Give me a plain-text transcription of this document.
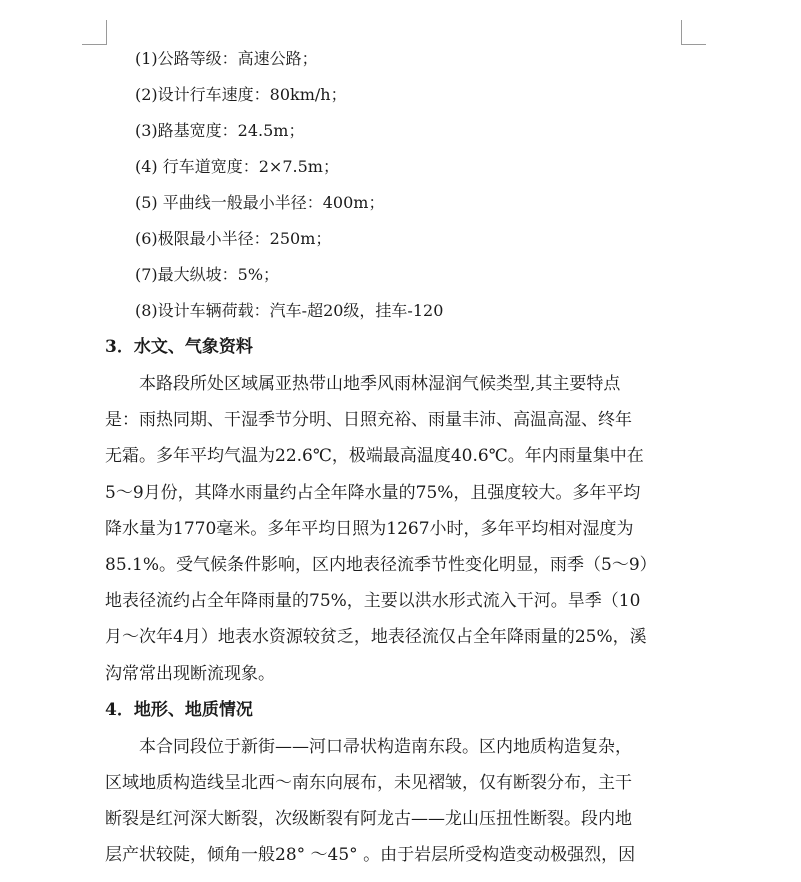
(1)公路等级：高速公路；
(2)设计行车速度：80km/h；
(3)路基宽度：24.5m；
(4) 行车道宽度：2×7.5m；
(5) 平曲线一般最小半径：400m；
(6)极限最小半径：250m；
(7)最大纵坡：5%；
(8)设计车辆荷载：汽车-超20级，挂车-120
3．水文、气象资料

本路段所处区域属亚热带山地季风雨林湿润气候类型,其主要特点
是：雨热同期、干湿季节分明、日照充裕、雨量丰沛、高温高湿、终年
无霜。多年平均气温为22.6℃，极端最高温度40.6℃。年内雨量集中在
5～9月份，其降水雨量约占全年降水量的75%，且强度较大。多年平均
降水量为1770毫米。多年平均日照为1267小时，多年平均相对湿度为
85.1%。受气候条件影响，区内地表径流季节性变化明显，雨季（5～9）
地表径流约占全年降雨量的75%，主要以洪水形式流入干河。旱季（10
月～次年4月）地表水资源较贫乏，地表径流仅占全年降雨量的25%，溪
沟常常出现断流现象。

4．地形、地质情况

本合同段位于新街——河口帚状构造南东段。区内地质构造复杂，
区域地质构造线呈北西～南东向展布，未见褶皱，仅有断裂分布，主干
断裂是红河深大断裂，次级断裂有阿龙古——龙山压扭性断裂。段内地
层产状较陡，倾角一般28° ～45° 。由于岩层所受构造变动极强烈，因
